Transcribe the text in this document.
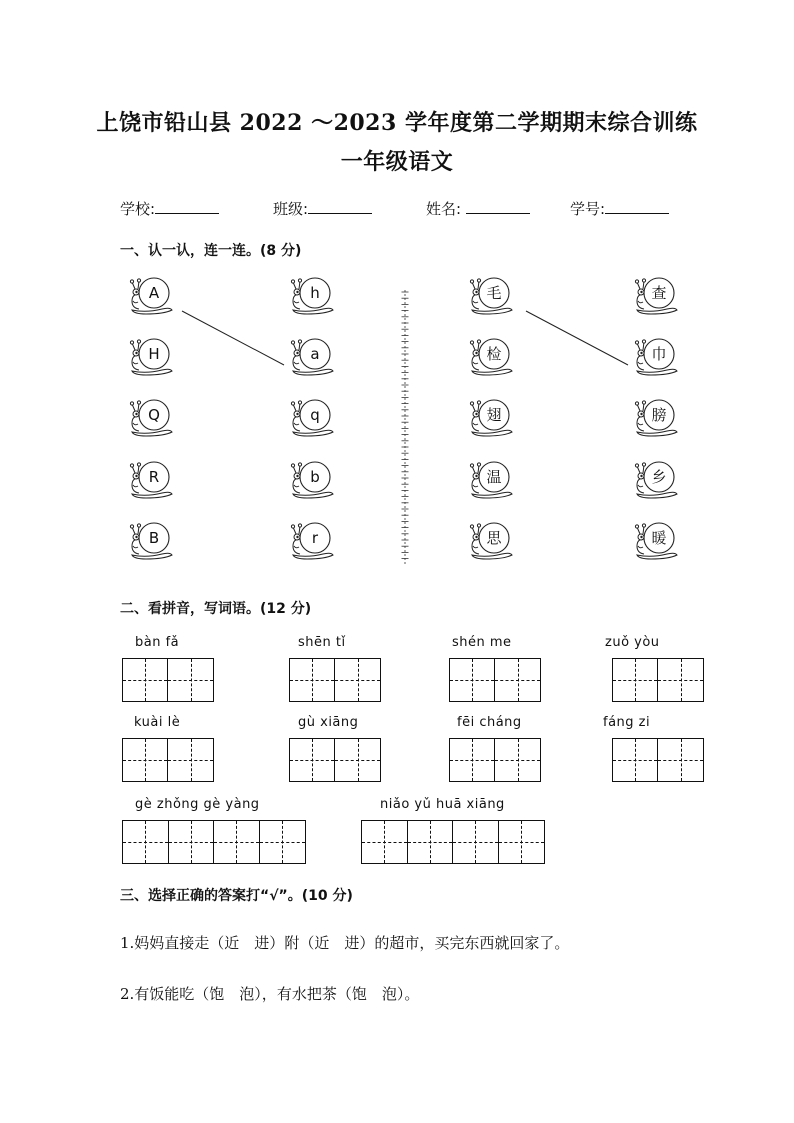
上饶市铅山县 2022 ～2023 学年度第二学期期末综合训练
一年级语文
学校:	班级:	姓名:	学号:
一、认一认，连一连。(8 分)
A
H
Q
R
B
h
a
q
b
r
毛
检
翅
温
思
查
巾
膀
乡
暖
二、看拼音，写词语。(12 分)
bàn fǎ	shēn tǐ	shén me	zuǒ yòu
kuài lè	gù xiāng	fēi cháng	fáng zi
gè zhǒng gè yàng	niǎo yǔ huā xiāng
三、选择正确的答案打“√”。(10 分)
1.妈妈直接走（近　进）附（近　进）的超市，买完东西就回家了。
2.有饭能吃（饱　泡），有水把茶（饱　泡）。
